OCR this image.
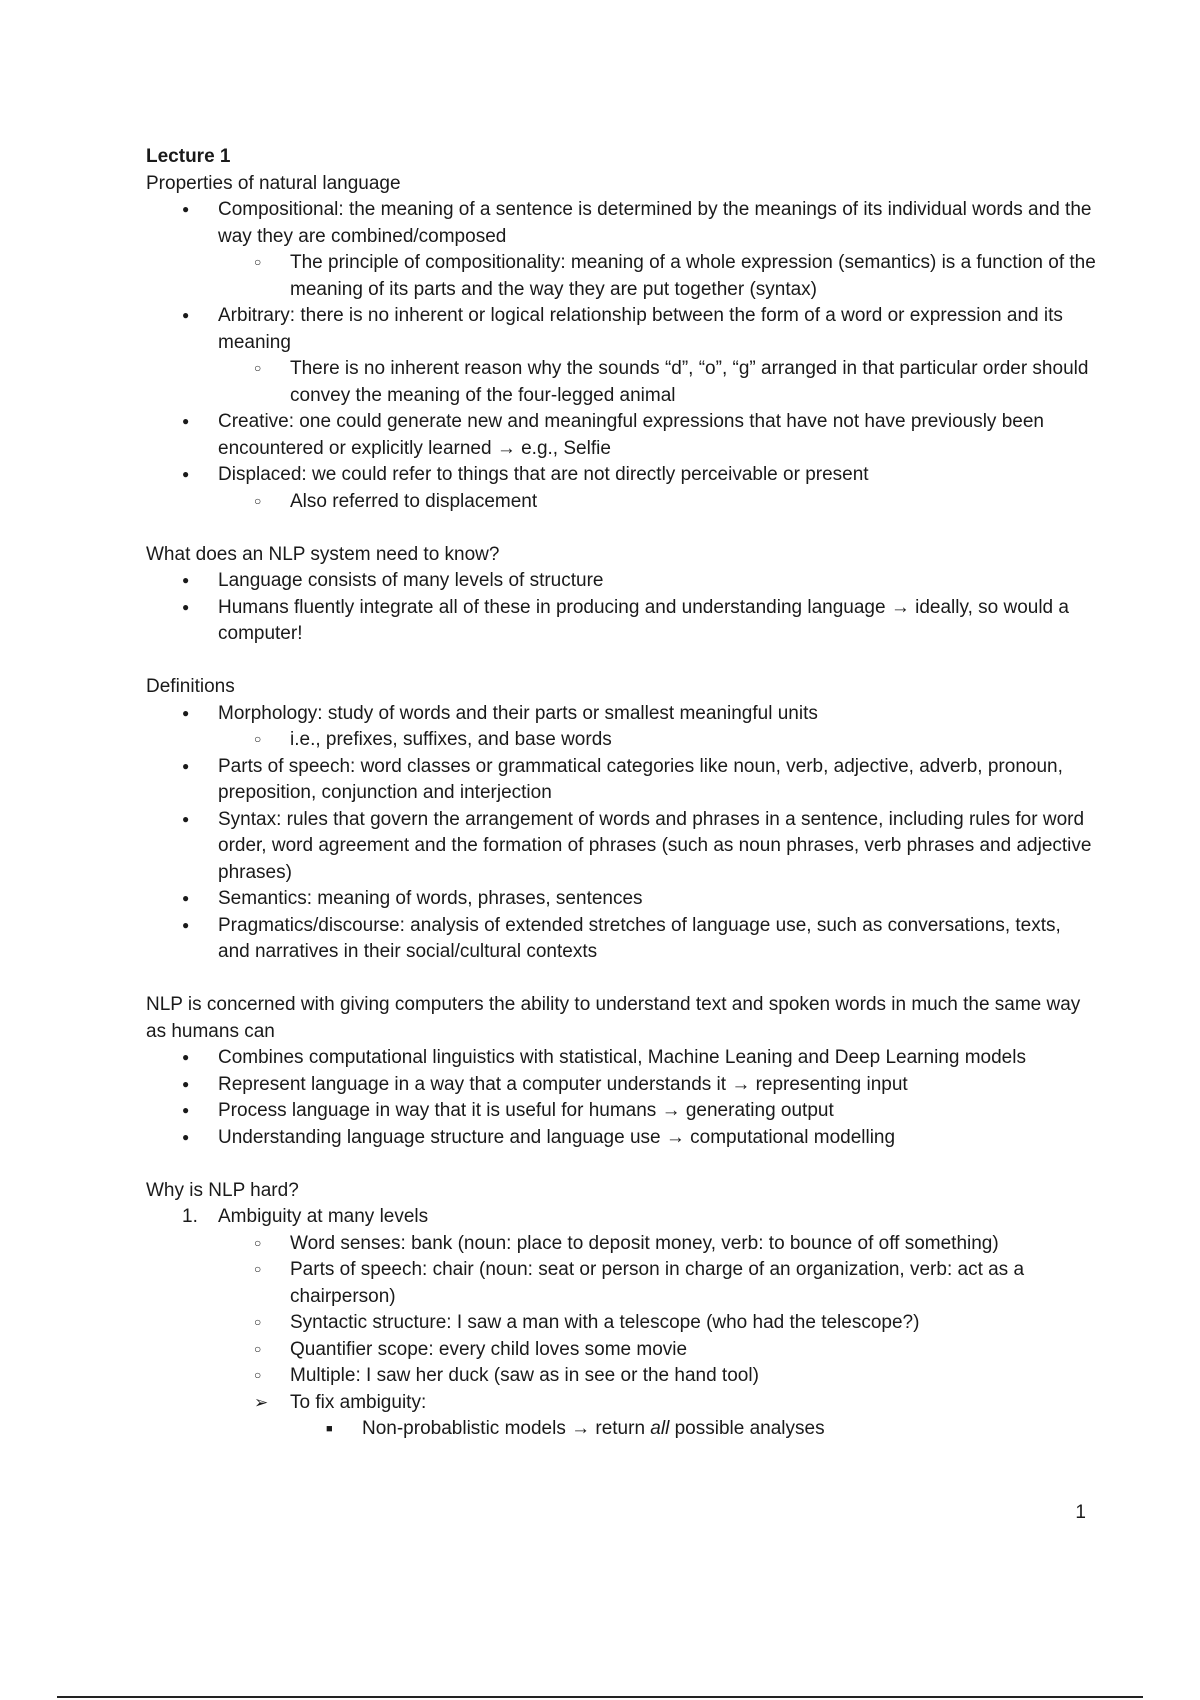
Lecture 1

Properties of natural language

●
Compositional: the meaning of a sentence is determined by the meanings of its individual words and the way they are combined/composed
○
The principle of compositionality: meaning of a whole expression (semantics) is a function of the meaning of its parts and the way they are put together (syntax)
●
Arbitrary: there is no inherent or logical relationship between the form of a word or expression and its meaning
○
There is no inherent reason why the sounds “d”, “o”, “g” arranged in that particular order should convey the meaning of the four-legged animal
●
Creative: one could generate new and meaningful expressions that have not have previously been encountered or explicitly learned → e.g., Selfie
●
Displaced: we could refer to things that are not directly perceivable or present
○
Also referred to displacement

What does an NLP system need to know?

●
Language consists of many levels of structure
●
Humans fluently integrate all of these in producing and understanding language → ideally, so would a computer!

Definitions

●
Morphology: study of words and their parts or smallest meaningful units
○
i.e., prefixes, suffixes, and base words
●
Parts of speech: word classes or grammatical categories like noun, verb, adjective, adverb, pronoun, preposition, conjunction and interjection
●
Syntax: rules that govern the arrangement of words and phrases in a sentence, including rules for word order, word agreement and the formation of phrases (such as noun phrases, verb phrases and adjective phrases)
●
Semantics: meaning of words, phrases, sentences
●
Pragmatics/discourse: analysis of extended stretches of language use, such as conversations, texts, and narratives in their social/cultural contexts

NLP is concerned with giving computers the ability to understand text and spoken words in much the same way as humans can

●
Combines computational linguistics with statistical, Machine Leaning and Deep Learning models
●
Represent language in a way that a computer understands it → representing input
●
Process language in way that it is useful for humans → generating output
●
Understanding language structure and language use → computational modelling

Why is NLP hard?

1. Ambiguity at many levels
○
Word senses: bank (noun: place to deposit money, verb: to bounce of off something)
○
Parts of speech: chair (noun: seat or person in charge of an organization, verb: act as a chairperson)
○
Syntactic structure: I saw a man with a telescope (who had the telescope?)
○
Quantifier scope: every child loves some movie
○
Multiple: I saw her duck (saw as in see or the hand tool)
➢
To fix ambiguity:
■
Non-probablistic models → return all possible analyses
1
